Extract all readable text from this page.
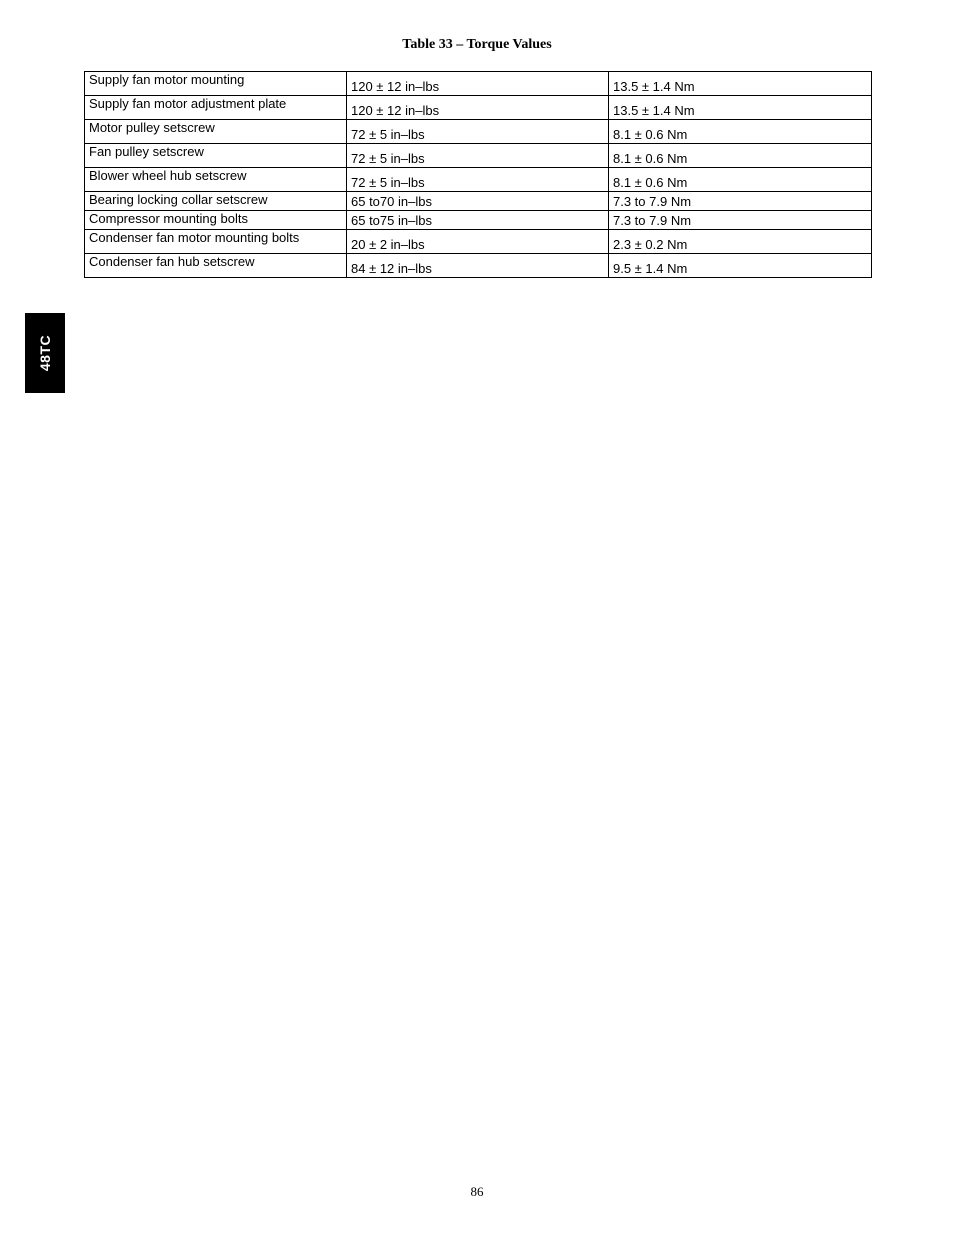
Table 33 – Torque Values
Supply fan motor mounting	120 ± 12 in–lbs	13.5 ± 1.4 Nm
Supply fan motor adjustment plate	120 ± 12 in–lbs	13.5 ± 1.4 Nm
Motor pulley setscrew	72 ± 5 in–lbs	8.1 ± 0.6 Nm
Fan pulley setscrew	72 ± 5 in–lbs	8.1 ± 0.6 Nm
Blower wheel hub setscrew	72 ± 5 in–lbs	8.1 ± 0.6 Nm
Bearing locking collar setscrew	65 to70 in–lbs	7.3 to 7.9 Nm
Compressor mounting bolts	65 to75 in–lbs	7.3 to 7.9 Nm
Condenser fan motor mounting bolts	20 ± 2 in–lbs	2.3 ± 0.2 Nm
Condenser fan hub setscrew	84 ± 12 in–lbs	9.5 ± 1.4 Nm
48TC
86
